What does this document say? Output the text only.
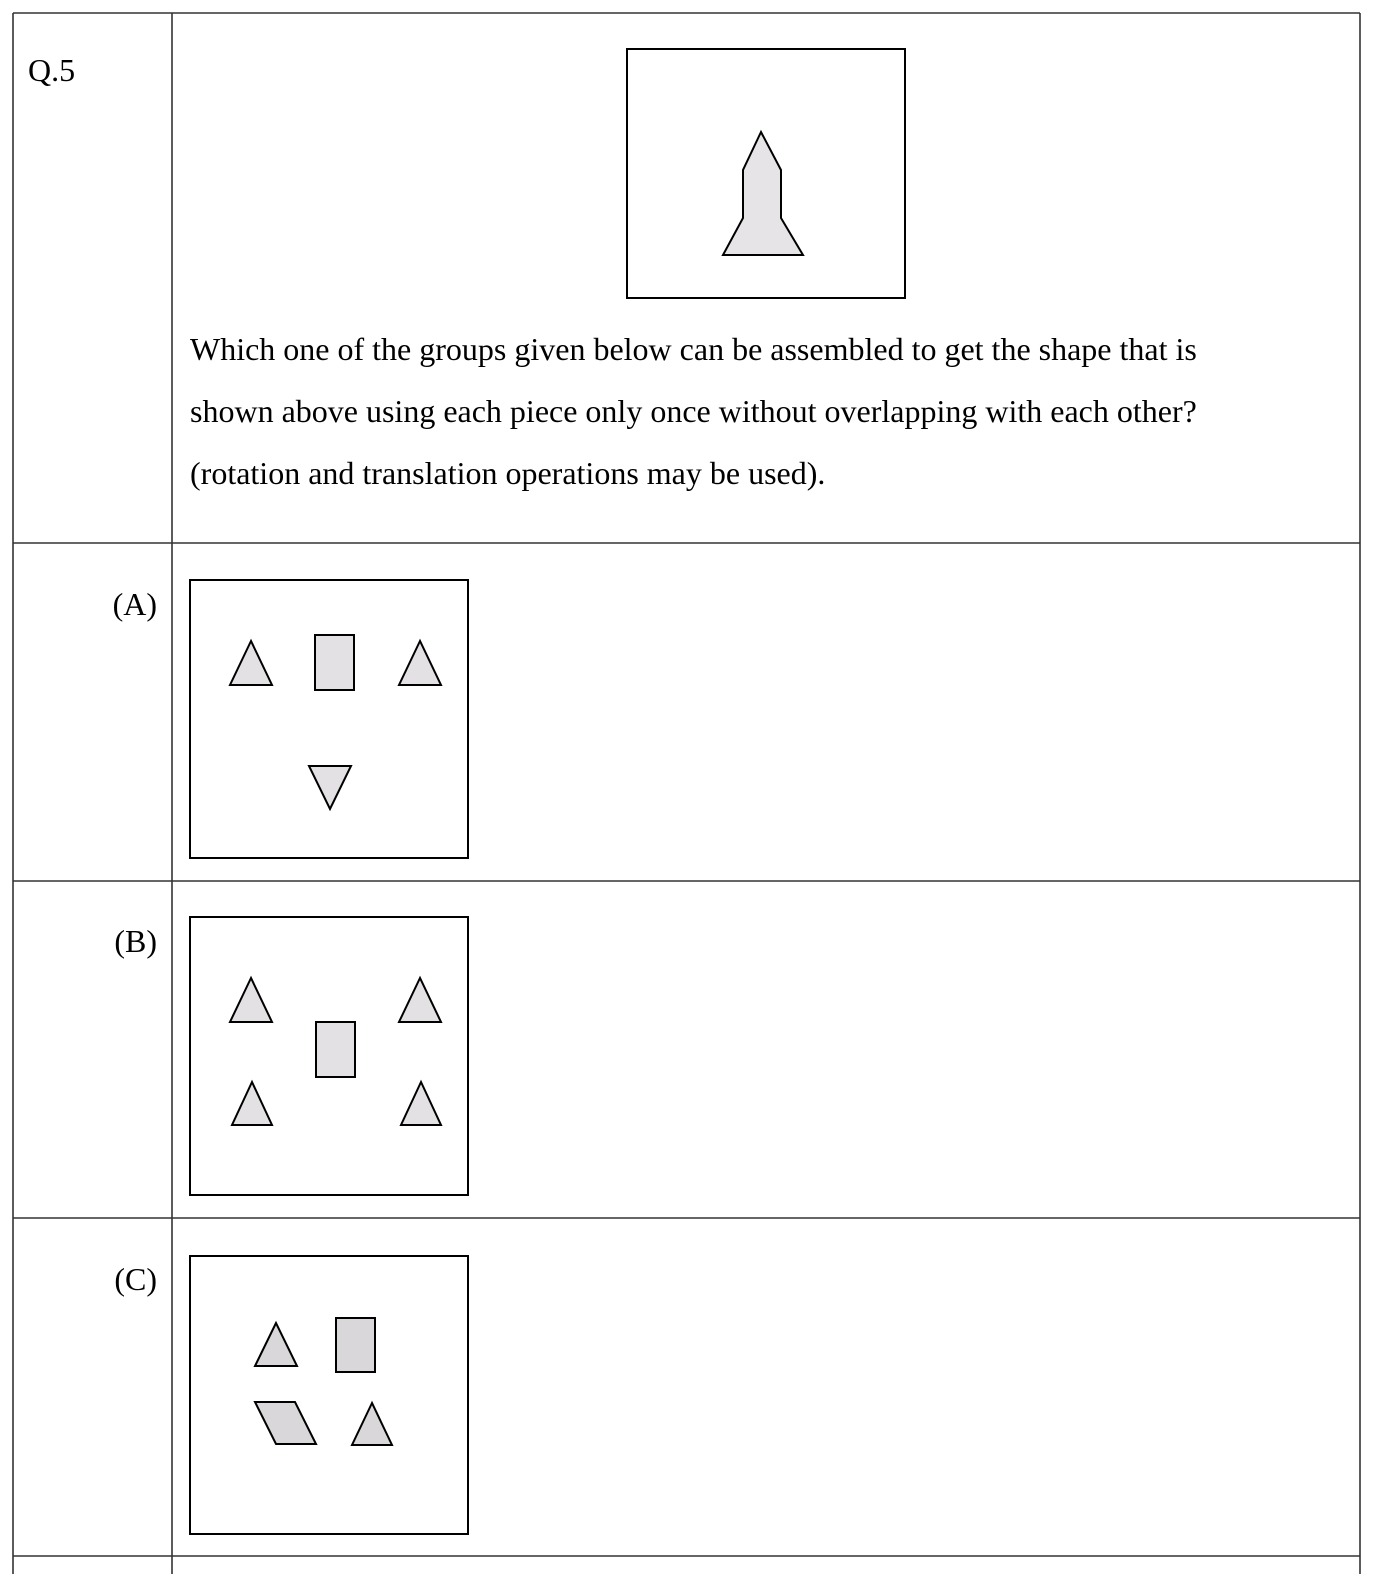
Q.5

Which one of the groups given below can be assembled to get the shape that is
shown above using each piece only once without overlapping with each other?
(rotation and translation operations may be used).

(A)
(B)
(C)
